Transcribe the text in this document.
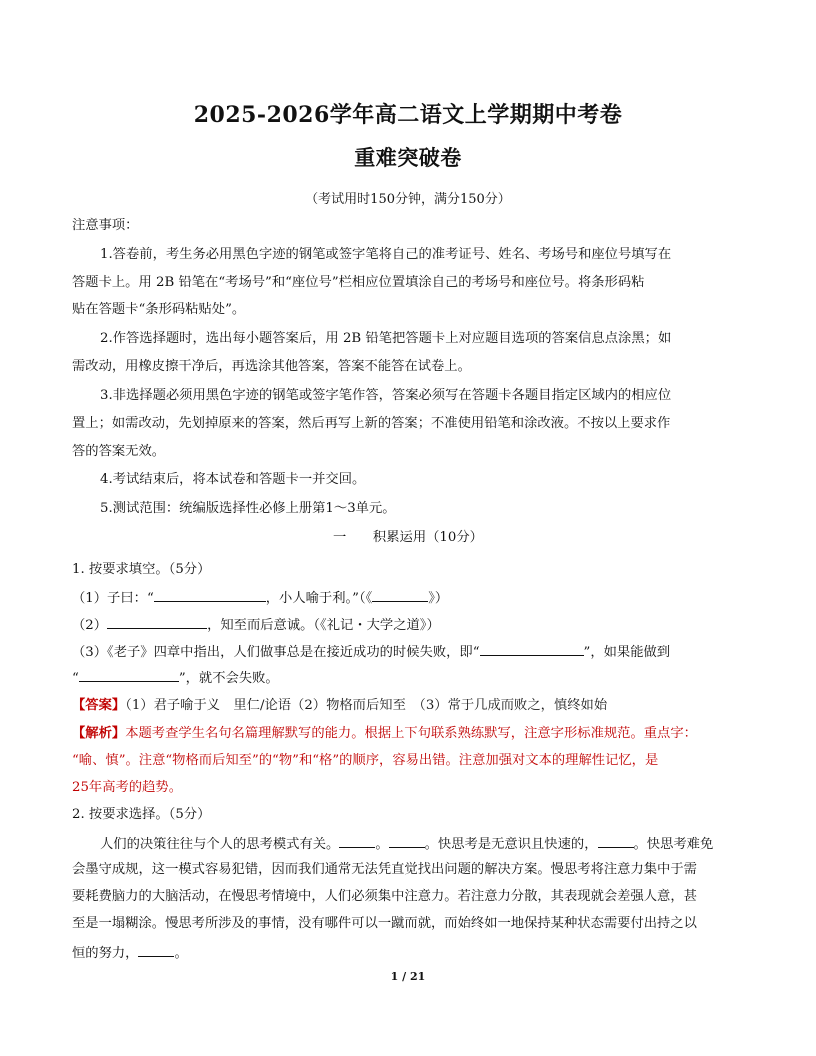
2025-2026学年高二语文上学期期中考卷
重难突破卷
（考试用时150分钟，满分150分）
注意事项：
1.答卷前，考生务必用黑色字迹的钢笔或签字笔将自己的准考证号、姓名、考场号和座位号填写在
答题卡上。用 2B 铅笔在“考场号”和“座位号”栏相应位置填涂自己的考场号和座位号。将条形码粘
贴在答题卡“条形码粘贴处”。
2.作答选择题时，选出每小题答案后，用 2B 铅笔把答题卡上对应题目选项的答案信息点涂黑；如
需改动，用橡皮擦干净后，再选涂其他答案，答案不能答在试卷上。
3.非选择题必须用黑色字迹的钢笔或签字笔作答，答案必须写在答题卡各题目指定区域内的相应位
置上；如需改动，先划掉原来的答案，然后再写上新的答案；不准使用铅笔和涂改液。不按以上要求作
答的答案无效。
4.考试结束后，将本试卷和答题卡一并交回。
5.测试范围：统编版选择性必修上册第1～3单元。
一　　积累运用（10分）
1. 按要求填空。（5分）
（1）子曰：“	，小人喻于利。”（《	》）
（2）	，知至而后意诚。（《礼记・大学之道》）
（3）《老子》四章中指出，人们做事总是在接近成功的时候失败，即“	”，如果能做到
“	”，就不会失败。
【答案】（1）君子喻于义　里仁/论语（2）物格而后知至　（3）常于几成而败之，慎终如始
【解析】本题考查学生名句名篇理解默写的能力。根据上下句联系熟练默写，注意字形标准规范。重点字：
“喻、慎”。注意“物格而后知至”的“物”和“格”的顺序，容易出错。注意加强对文本的理解性记忆，是
25年高考的趋势。
2. 按要求选择。（5分）
人们的决策往往与个人的思考模式有关。	。	。快思考是无意识且快速的，	。快思考难免
会墨守成规，这一模式容易犯错，因而我们通常无法凭直觉找出问题的解决方案。慢思考将注意力集中于需
要耗费脑力的大脑活动，在慢思考情境中，人们必须集中注意力。若注意力分散，其表现就会差强人意，甚
至是一塌糊涂。慢思考所涉及的事情，没有哪件可以一蹴而就，而始终如一地保持某种状态需要付出持之以
恒的努力，	。
1 / 21
